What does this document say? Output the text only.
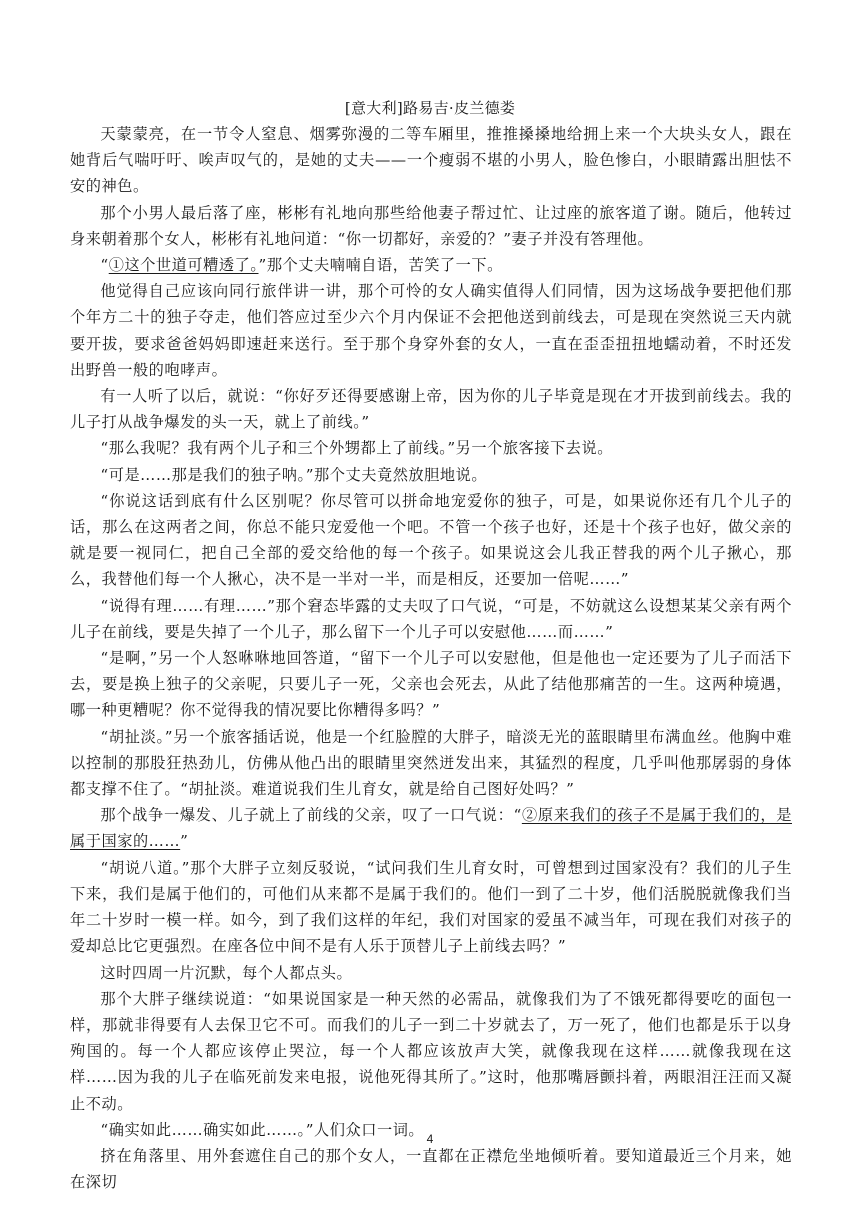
[意大利]路易吉·皮兰德娄

天蒙蒙亮，在一节令人窒息、烟雾弥漫的二等车厢里，推推搡搡地给拥上来一个大块头女人，跟在她背后气喘吁吁、唉声叹气的，是她的丈夫——一个瘦弱不堪的小男人，脸色惨白，小眼睛露出胆怯不安的神色。

那个小男人最后落了座，彬彬有礼地向那些给他妻子帮过忙、让过座的旅客道了谢。随后，他转过身来朝着那个女人，彬彬有礼地问道：“你一切都好，亲爱的？”妻子并没有答理他。

“①这个世道可糟透了。”那个丈夫喃喃自语，苦笑了一下。

他觉得自己应该向同行旅伴讲一讲，那个可怜的女人确实值得人们同情，因为这场战争要把他们那个年方二十的独子夺走，他们答应过至少六个月内保证不会把他送到前线去，可是现在突然说三天内就要开拔，要求爸爸妈妈即速赶来送行。至于那个身穿外套的女人，一直在歪歪扭扭地蠕动着，不时还发出野兽一般的咆哮声。

有一人听了以后，就说：“你好歹还得要感谢上帝，因为你的儿子毕竟是现在才开拔到前线去。我的儿子打从战争爆发的头一天，就上了前线。”

“那么我呢？我有两个儿子和三个外甥都上了前线。”另一个旅客接下去说。

“可是……那是我们的独子呐。”那个丈夫竟然放胆地说。

“你说这话到底有什么区别呢？你尽管可以拼命地宠爱你的独子，可是，如果说你还有几个儿子的话，那么在这两者之间，你总不能只宠爱他一个吧。不管一个孩子也好，还是十个孩子也好，做父亲的就是要一视同仁，把自己全部的爱交给他的每一个孩子。如果说这会儿我正替我的两个儿子揪心，那么，我替他们每一个人揪心，决不是一半对一半，而是相反，还要加一倍呢……”

“说得有理……有理……”那个窘态毕露的丈夫叹了口气说，“可是，不妨就这么设想某某父亲有两个儿子在前线，要是失掉了一个儿子，那么留下一个儿子可以安慰他……而……”

“是啊，”另一个人怒咻咻地回答道，“留下一个儿子可以安慰他，但是他也一定还要为了儿子而活下去，要是换上独子的父亲呢，只要儿子一死，父亲也会死去，从此了结他那痛苦的一生。这两种境遇，哪一种更糟呢？你不觉得我的情况要比你糟得多吗？”

“胡扯淡。”另一个旅客插话说，他是一个红脸膛的大胖子，暗淡无光的蓝眼睛里布满血丝。他胸中难以控制的那股狂热劲儿，仿佛从他凸出的眼睛里突然迸发出来，其猛烈的程度，几乎叫他那孱弱的身体都支撑不住了。“胡扯淡。难道说我们生儿育女，就是给自己图好处吗？”

那个战争一爆发、儿子就上了前线的父亲，叹了一口气说：“②原来我们的孩子不是属于我们的，是属于国家的……”

“胡说八道。”那个大胖子立刻反驳说，“试问我们生儿育女时，可曾想到过国家没有？我们的儿子生下来，我们是属于他们的，可他们从来都不是属于我们的。他们一到了二十岁，他们活脱脱就像我们当年二十岁时一模一样。如今，到了我们这样的年纪，我们对国家的爱虽不减当年，可现在我们对孩子的爱却总比它更强烈。在座各位中间不是有人乐于顶替儿子上前线去吗？”

这时四周一片沉默，每个人都点头。

那个大胖子继续说道：“如果说国家是一种天然的必需品，就像我们为了不饿死都得要吃的面包一样，那就非得要有人去保卫它不可。而我们的儿子一到二十岁就去了，万一死了，他们也都是乐于以身殉国的。每一个人都应该停止哭泣，每一个人都应该放声大笑，就像我现在这样……就像我现在这样……因为我的儿子在临死前发来电报，说他死得其所了。”这时，他那嘴唇颤抖着，两眼泪汪汪而又凝止不动。

“确实如此……确实如此……。”人们众口一词。

挤在角落里、用外套遮住自己的那个女人，一直都在正襟危坐地倾听着。要知道最近三个月来，她在深切

4
